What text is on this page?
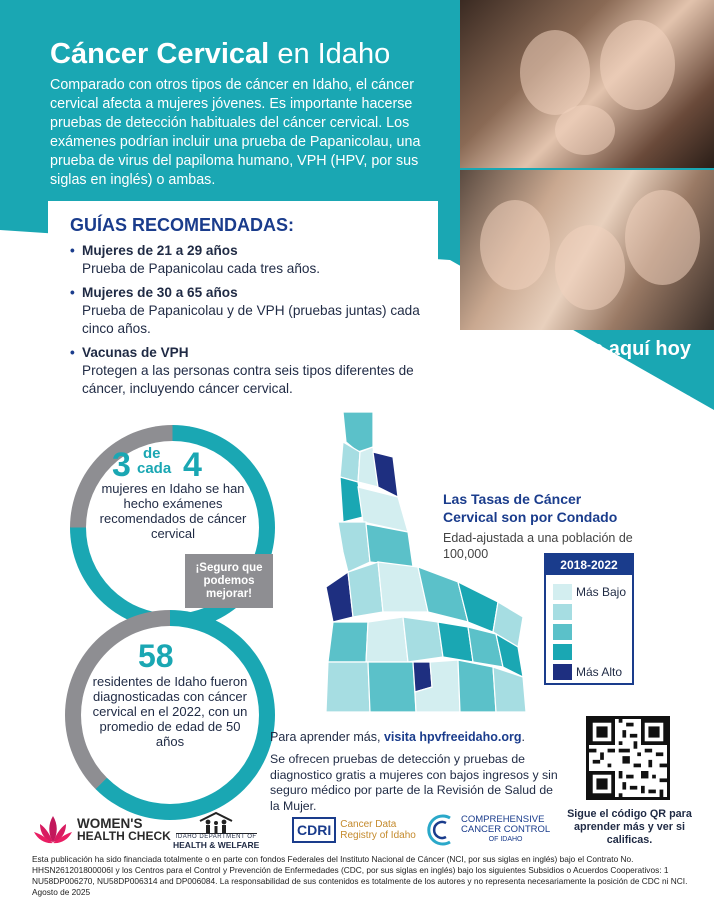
Cáncer Cervical en Idaho

Comparado con otros tipos de cáncer en Idaho, el cáncer cervical afecta a mujeres jóvenes. Es importante hacerse pruebas de detección habituales del cáncer cervical. Los exámenes podrían incluir una prueba de Papanicolau, una prueba de virus del papiloma humano, VPH (HPV, por sus siglas en inglés) o ambas.

GUÍAS RECOMENDADAS:
• Mujeres de 21 a 29 años
Prueba de Papanicolau cada tres años.
• Mujeres de 30 a 65 años
Prueba de Papanicolau y de VPH (pruebas juntas) cada cinco años.
• Vacunas de VPH
Protegen a las personas contra seis tipos diferentes de cáncer, incluyendo cáncer cervical.
Para que sigas aquí hoy y mañana.
Podrías calificar para un pruebas de detección de cáncer GRATIS.
3 de
cada 4
mujeres en Idaho se han hecho exámenes recomendados de cáncer cervical
¡Seguro que podemos mejorar!
58
residentes de Idaho fueron diagnosticadas con cáncer cervical en el 2022, con un promedio de edad de 50 años
Las Tasas de Cáncer Cervical son por Condado
Edad-ajustada a una población de 100,000
2018-2022
Más Bajo
Más Alto
Para aprender más, visita hpvfreeidaho.org.
Se ofrecen pruebas de detección y pruebas de diagnostico gratis a mujeres con bajos ingresos y sin seguro médico por parte de la Revisión de Salud de la Mujer.
Sigue el código QR para aprender más y ver si calificas.
WOMEN'S
HEALTH CHECK IDAHO DEPARTMENT OF
HEALTH & WELFARE
CDRI Cancer Data
Registry of Idaho
COMPREHENSIVE
CANCER CONTROL
OF IDAHO
Esta publicación ha sido financiada totalmente o en parte con fondos Federales del Instituto Nacional de Cáncer (NCI, por sus siglas en inglés) bajo el Contrato No. HHSN261201800006I y los Centros para el Control y Prevención de Enfermedades (CDC, por sus siglas en inglés) bajo los siguientes Subsidios o Acuerdos Cooperativos: 1 NU58DP006270, NU58DP006314 and DP006084. La responsabilidad de sus contenidos es totalmente de los autores y no representa necesariamente la posición de CDC ni NCI. Agosto de 2025
